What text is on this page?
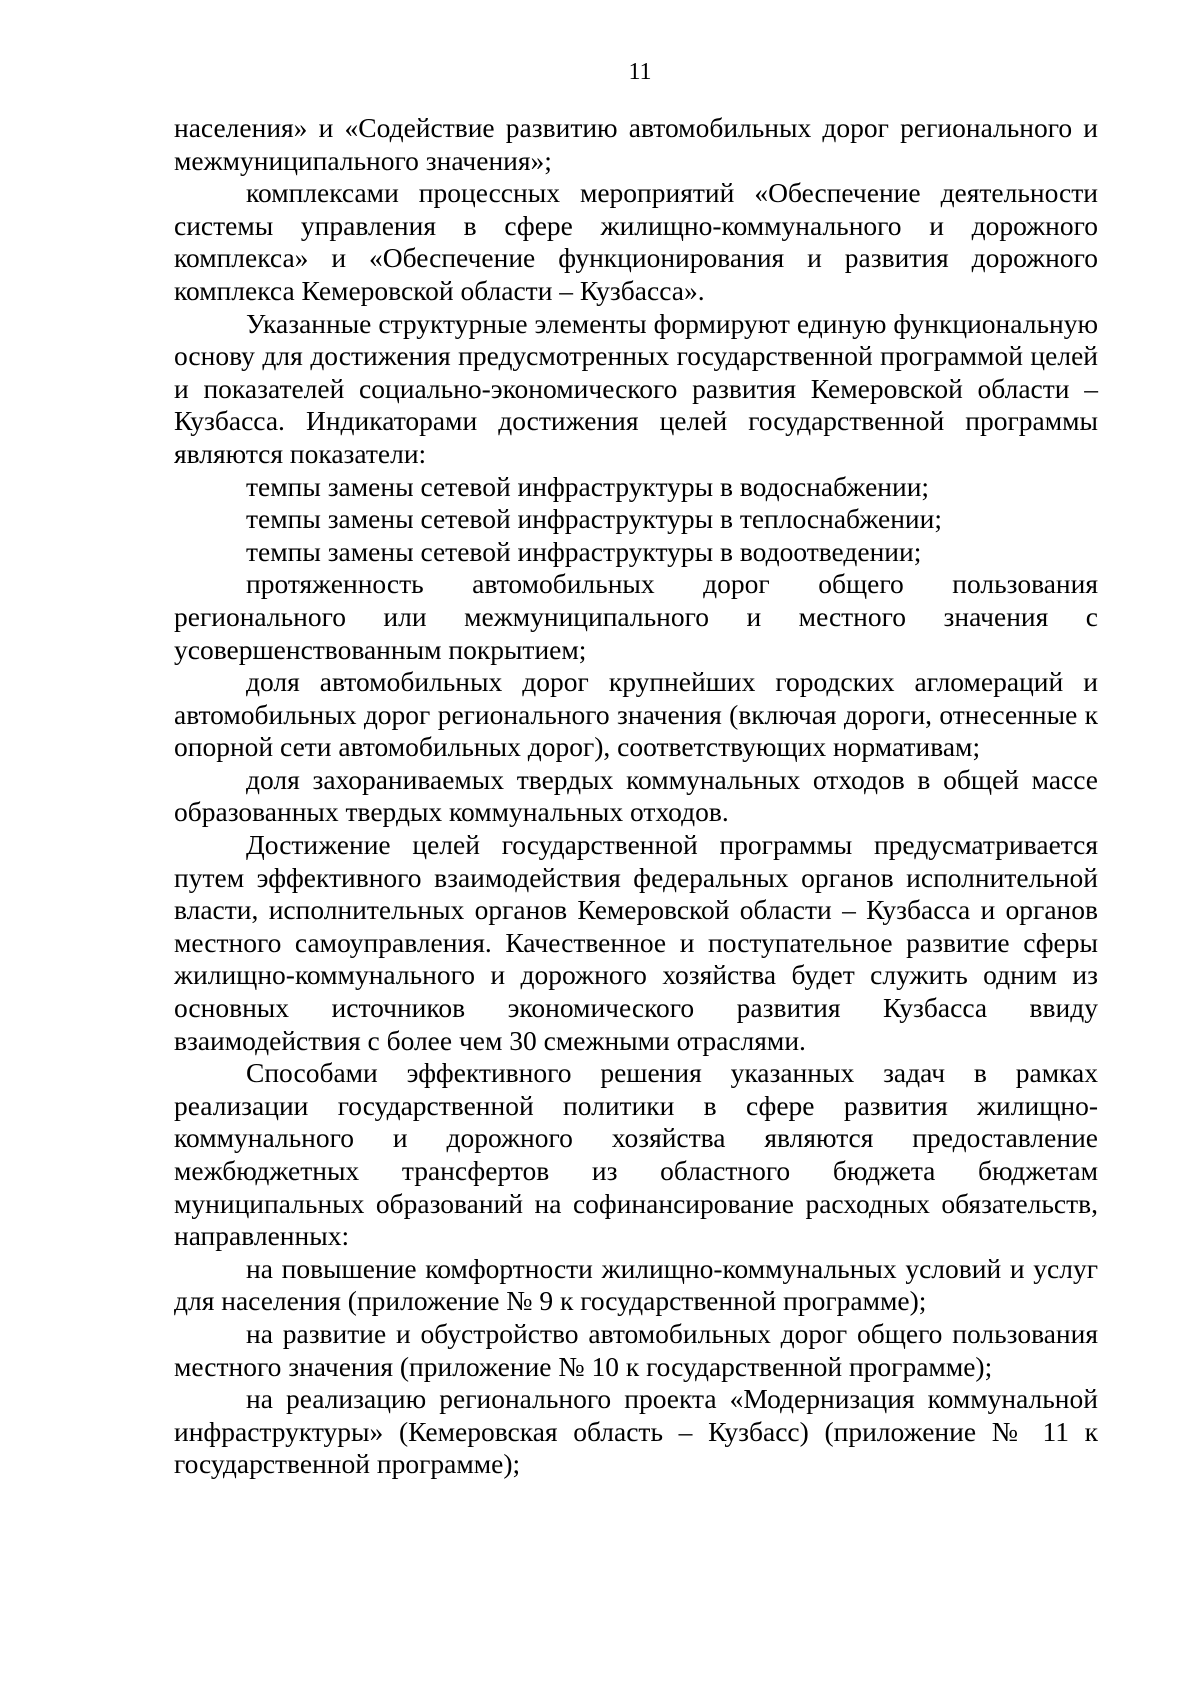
11

населения» и «Содействие развитию автомобильных дорог регионального и межмуниципального значения»;

комплексами процессных мероприятий «Обеспечение деятельности системы управления в сфере жилищно-коммунального и дорожного комплекса» и «Обеспечение функционирования и развития дорожного комплекса Кемеровской области – Кузбасса».

Указанные структурные элементы формируют единую функциональную основу для достижения предусмотренных государственной программой целей и показателей социально-экономического развития Кемеровской области – Кузбасса. Индикаторами достижения целей государственной программы являются показатели:

темпы замены сетевой инфраструктуры в водоснабжении;

темпы замены сетевой инфраструктуры в теплоснабжении;

темпы замены сетевой инфраструктуры в водоотведении;

протяженность автомобильных дорог общего пользования регионального или межмуниципального и местного значения с усовершенствованным покрытием;

доля автомобильных дорог крупнейших городских агломераций и автомобильных дорог регионального значения (включая дороги, отнесенные к опорной сети автомобильных дорог), соответствующих нормативам;

доля захораниваемых твердых коммунальных отходов в общей массе образованных твердых коммунальных отходов.

Достижение целей государственной программы предусматривается путем эффективного взаимодействия федеральных органов исполнительной власти, исполнительных органов Кемеровской области – Кузбасса и органов местного самоуправления. Качественное и поступательное развитие сферы жилищно-коммунального и дорожного хозяйства будет служить одним из основных источников экономического развития Кузбасса ввиду взаимодействия с более чем 30 смежными отраслями.

Способами эффективного решения указанных задач в рамках реализации государственной политики в сфере развития жилищно-коммунального и дорожного хозяйства являются предоставление межбюджетных трансфертов из областного бюджета бюджетам муниципальных образований на софинансирование расходных обязательств, направленных:

на повышение комфортности жилищно-коммунальных условий и услуг для населения (приложение № 9 к государственной программе);

на развитие и обустройство автомобильных дорог общего пользования местного значения (приложение № 10 к государственной программе);

на реализацию регионального проекта «Модернизация коммунальной инфраструктуры» (Кемеровская область – Кузбасс) (приложение № 11 к государственной программе);
